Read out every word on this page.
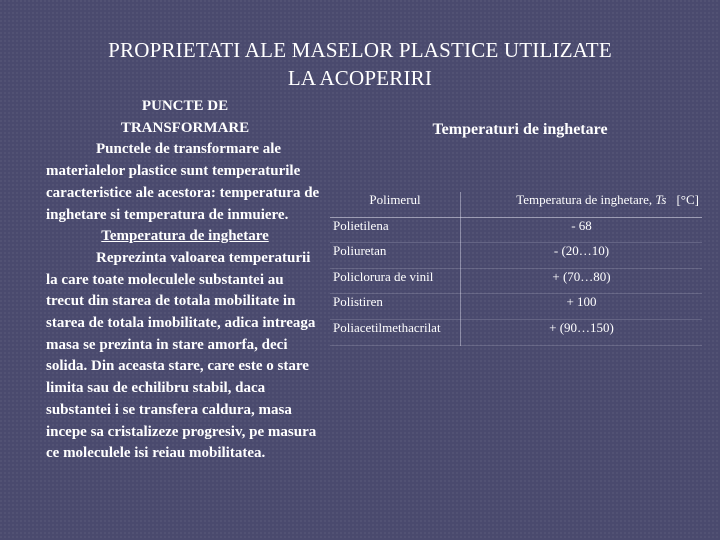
PROPRIETATI ALE MASELOR PLASTICE UTILIZATE
LA ACOPERIRI

PUNCTE DE

TRANSFORMARE

Punctele de transformare ale materialelor plastice sunt temperaturile caracteristice ale acestora: temperatura de inghetare si temperatura de inmuiere.

Temperatura de inghetare

Reprezinta valoarea temperaturii la care toate moleculele substantei au trecut din starea de totala mobilitate in starea de totala imobilitate, adica intreaga masa se prezinta in stare amorfa, deci solida. Din aceasta stare, care este o stare limita sau de echilibru stabil, daca substantei i se transfera caldura, masa incepe sa cristalizeze progresiv, pe masura ce moleculele isi reiau mobilitatea.

Temperaturi de inghetare
Polimerul	Temperatura de inghetare, Ts [°C]
Polietilena	- 68
Poliuretan	- (20…10)
Policlorura de vinil	+ (70…80)
Polistiren	+ 100
Poliacetilmethacrilat	+ (90…150)
